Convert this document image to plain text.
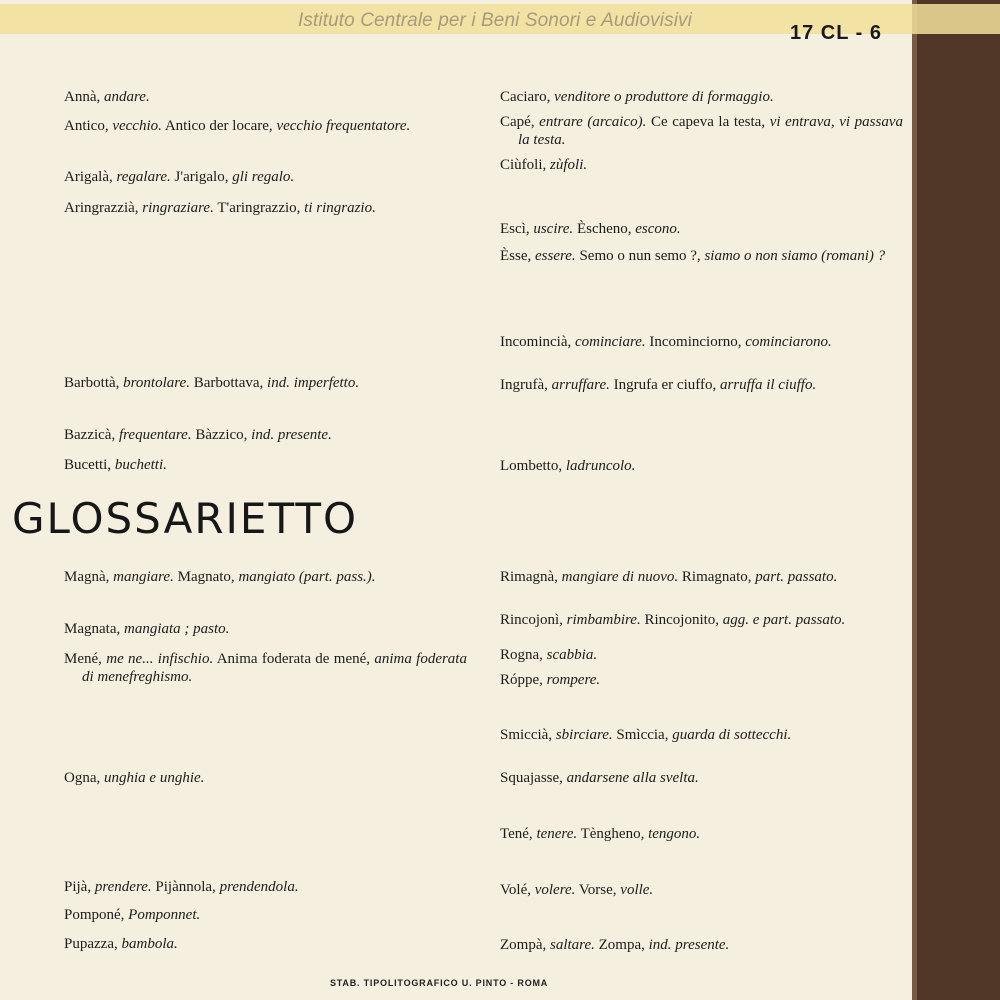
Istituto Centrale per i Beni Sonori e Audiovisivi
17 CL - 6
Annà, andare.
Antico, vecchio. Antico der locare, vecchio frequentatore.
Arigalà, regalare. J'arigalo, gli regalo.
Aringrazzià, ringraziare. T'aringrazzio, ti ringrazio.
Barbottà, brontolare. Barbottava, ind. imperfetto.
Bazzicà, frequentare. Bàzzico, ind. presente.
Bucetti, buchetti.
Magnà, mangiare. Magnato, mangiato (part. pass.).
Magnata, mangiata ; pasto.
Mené, me ne... infischio. Anima foderata de mené, anima foderata di menefreghismo.
Ogna, unghia e unghie.
Pijà, prendere. Pijànnola, prendendola.
Pomponé, Pomponnet.
Pupazza, bambola.
Caciaro, venditore o produttore di formaggio.
Capé, entrare (arcaico). Ce capeva la testa, vi entrava, vi passava la testa.
Ciùfoli, zùfoli.
Escì, uscire. Èscheno, escono.
Èsse, essere. Semo o nun semo ?, siamo o non siamo (romani) ?
Incomincià, cominciare. Incominciorno, cominciarono.
Ingrufà, arruffare. Ingrufa er ciuffo, arruffa il ciuffo.
Lombetto, ladruncolo.
Rimagnà, mangiare di nuovo. Rimagnato, part. passato.
Rincojonì, rimbambire. Rincojonito, agg. e part. passato.
Rogna, scabbia.
Róppe, rompere.
Smiccià, sbirciare. Smìccia, guarda di sottecchi.
Squajasse, andarsene alla svelta.
Tené, tenere. Tèngheno, tengono.
Volé, volere. Vorse, volle.
Zompà, saltare. Zompa, ind. presente.
GLOSSARIETTO
STAB. TIPOLITOGRAFICO U. PINTO - ROMA
